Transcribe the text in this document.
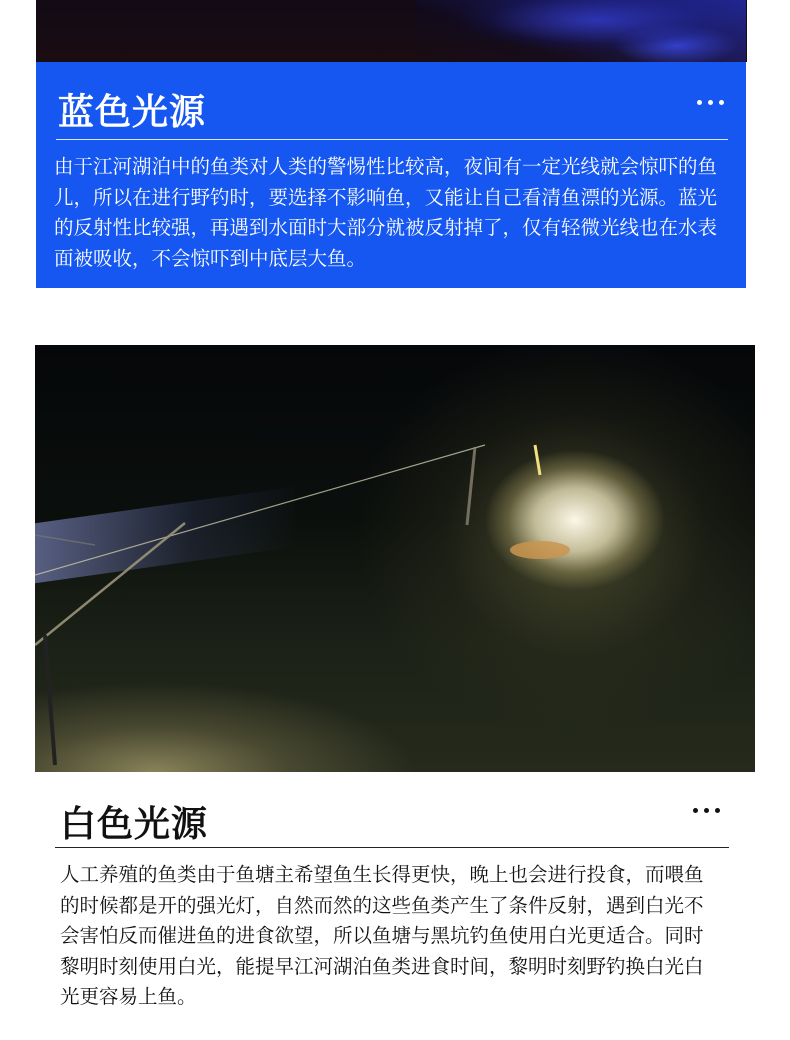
蓝色光源
由于江河湖泊中的鱼类对人类的警惕性比较高，夜间有一定光线就会惊吓的鱼儿，所以在进行野钓时，要选择不影响鱼，又能让自己看清鱼漂的光源。蓝光的反射性比较强，再遇到水面时大部分就被反射掉了，仅有轻微光线也在水表面被吸收，不会惊吓到中底层大鱼。
白色光源
人工养殖的鱼类由于鱼塘主希望鱼生长得更快，晚上也会进行投食，而喂鱼的时候都是开的强光灯，自然而然的这些鱼类产生了条件反射，遇到白光不会害怕反而催进鱼的进食欲望，所以鱼塘与黑坑钓鱼使用白光更适合。同时黎明时刻使用白光，能提早江河湖泊鱼类进食时间，黎明时刻野钓换白光白光更容易上鱼。
